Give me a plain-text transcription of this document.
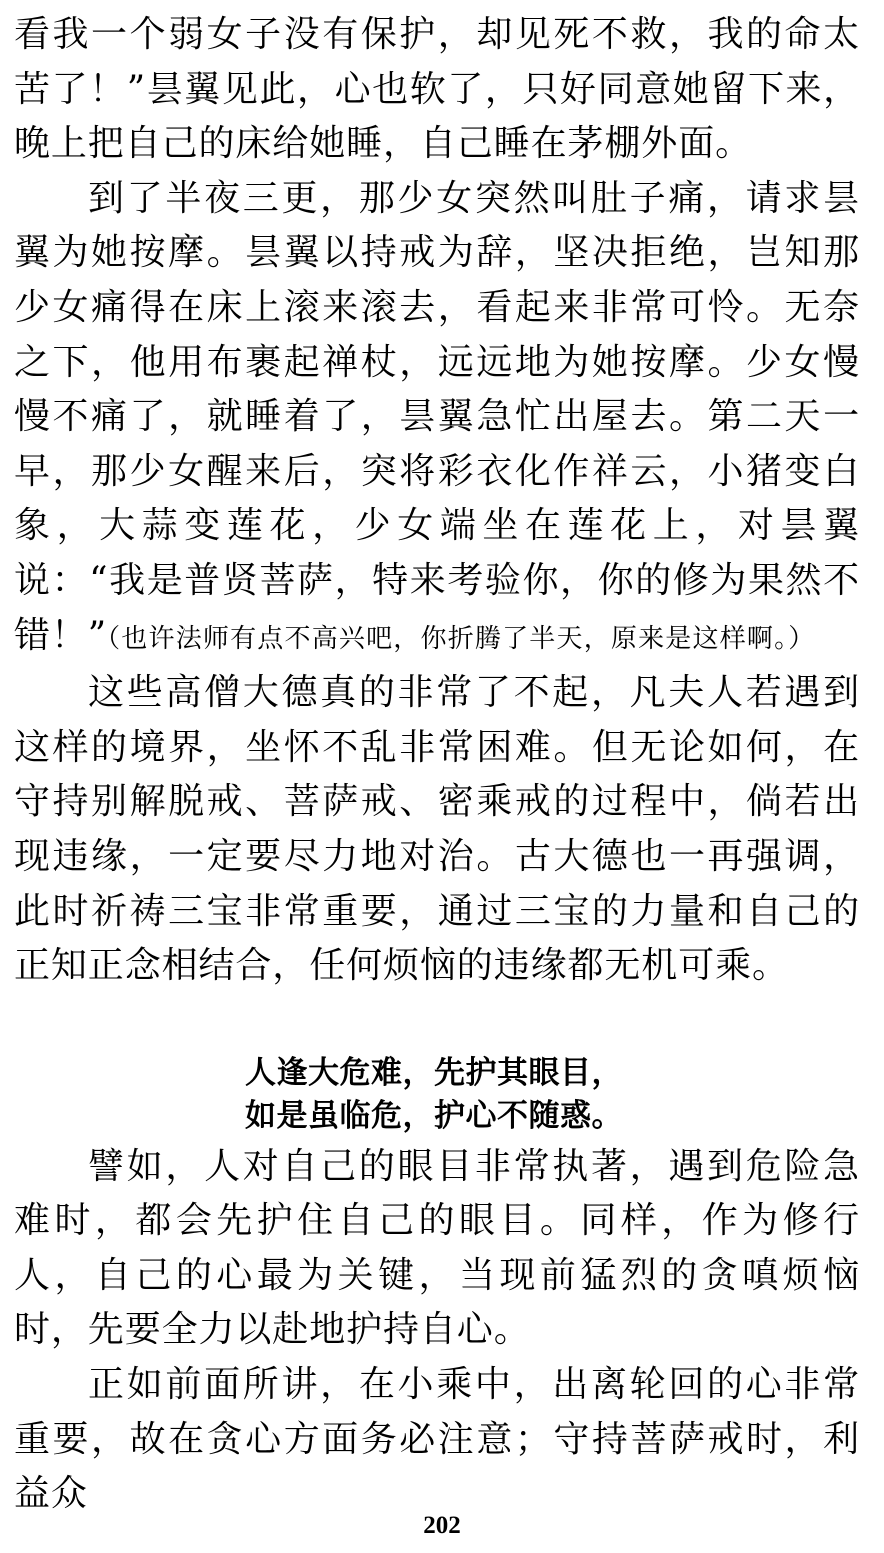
看我一个弱女子没有保护，却见死不救，我的命太苦了！”昙翼见此，心也软了，只好同意她留下来，晚上把自己的床给她睡，自己睡在茅棚外面。

到了半夜三更，那少女突然叫肚子痛，请求昙翼为她按摩。昙翼以持戒为辞，坚决拒绝，岂知那少女痛得在床上滚来滚去，看起来非常可怜。无奈之下，他用布裹起禅杖，远远地为她按摩。少女慢慢不痛了，就睡着了，昙翼急忙出屋去。第二天一早，那少女醒来后，突将彩衣化作祥云，小猪变白象，大蒜变莲花，少女端坐在莲花上，对昙翼说：“我是普贤菩萨，特来考验你，你的修为果然不错！”（也许法师有点不高兴吧，你折腾了半天，原来是这样啊。）

这些高僧大德真的非常了不起，凡夫人若遇到这样的境界，坐怀不乱非常困难。但无论如何，在守持别解脱戒、菩萨戒、密乘戒的过程中，倘若出现违缘，一定要尽力地对治。古大德也一再强调，此时祈祷三宝非常重要，通过三宝的力量和自己的正知正念相结合，任何烦恼的违缘都无机可乘。

人逢大危难，先护其眼目，

如是虽临危，护心不随惑。

譬如，人对自己的眼目非常执著，遇到危险急难时，都会先护住自己的眼目。同样，作为修行人，自己的心最为关键，当现前猛烈的贪嗔烦恼时，先要全力以赴地护持自心。

正如前面所讲，在小乘中，出离轮回的心非常重要，故在贪心方面务必注意；守持菩萨戒时，利益众

202
